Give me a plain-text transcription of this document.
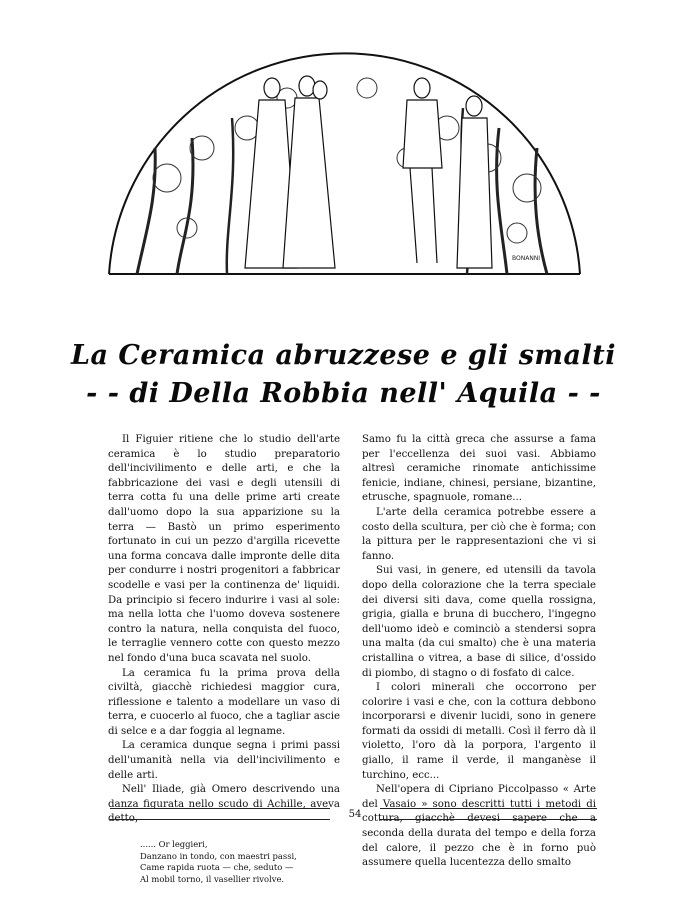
BONANNI
La Ceramica abruzzese e gli smalti
- - di Della Robbia nell' Aquila - -

Il Figuier ritiene che lo studio dell'arte ceramica è lo studio preparatorio dell'incivilimento e delle arti, e che la fabbricazione dei vasi e degli utensili di terra cotta fu una delle prime arti create dall'uomo dopo la sua apparizione su la terra — Bastò un primo esperimento fortunato in cui un pezzo d'argilla ricevette una forma concava dalle impronte delle dita per condurre i nostri progenitori a fabbricar scodelle e vasi per la continenza de' liquidi. Da principio si fecero indurire i vasi al sole: ma nella lotta che l'uomo doveva sostenere contro la natura, nella conquista del fuoco, le terraglie vennero cotte con questo mezzo nel fondo d'una buca scavata nel suolo.

La ceramica fu la prima prova della civiltà, giacchè richiedesi maggior cura, riflessione e talento a modellare un vaso di terra, e cuocerlo al fuoco, che a tagliar ascie di selce e a dar foggia al legname.

La ceramica dunque segna i primi passi dell'umanità nella via dell'incivilimento e delle arti.

Nell' Iliade, già Omero descrivendo una danza figurata nello scudo di Achille, aveva detto,

...... Or leggieri,
Danzano in tondo, con maestri passi,
Came rapida ruota — che, seduto —
Al mobil torno, il vasellier rivolve.

Samo fu la città greca che assurse a fama per l'eccellenza dei suoi vasi. Abbiamo altresì ceramiche rinomate antichissime fenicie, indiane, chinesi, persiane, bizantine, etrusche, spagnuole, romane...

L'arte della ceramica potrebbe essere a costo della scultura, per ciò che è forma; con la pittura per le rappresentazioni che vi si fanno.

Sui vasi, in genere, ed utensili da tavola dopo della colorazione che la terra speciale dei diversi siti dava, come quella rossigna, grigia, gialla e bruna di bucchero, l'ingegno dell'uomo ideò e cominciò a stendersi sopra una malta (da cui smalto) che è una materia cristallina o vitrea, a base di silice, d'ossido di piombo, di stagno o di fosfato di calce.

I colori minerali che occorrono per colorire i vasi e che, con la cottura debbono incorporarsi e divenir lucidi, sono in genere formati da ossidi di metalli. Così il ferro dà il violetto, l'oro dà la porpora, l'argento il giallo, il rame il verde, il manganèse il turchino, ecc...

Nell'opera di Cipriano Piccolpasso « Arte del Vasaio » sono descritti tutti i metodi di cottura, giacchè devesi sapere che a seconda della durata del tempo e della forza del calore, il pezzo che è in forno può assumere quella lucentezza dello smalto

54
